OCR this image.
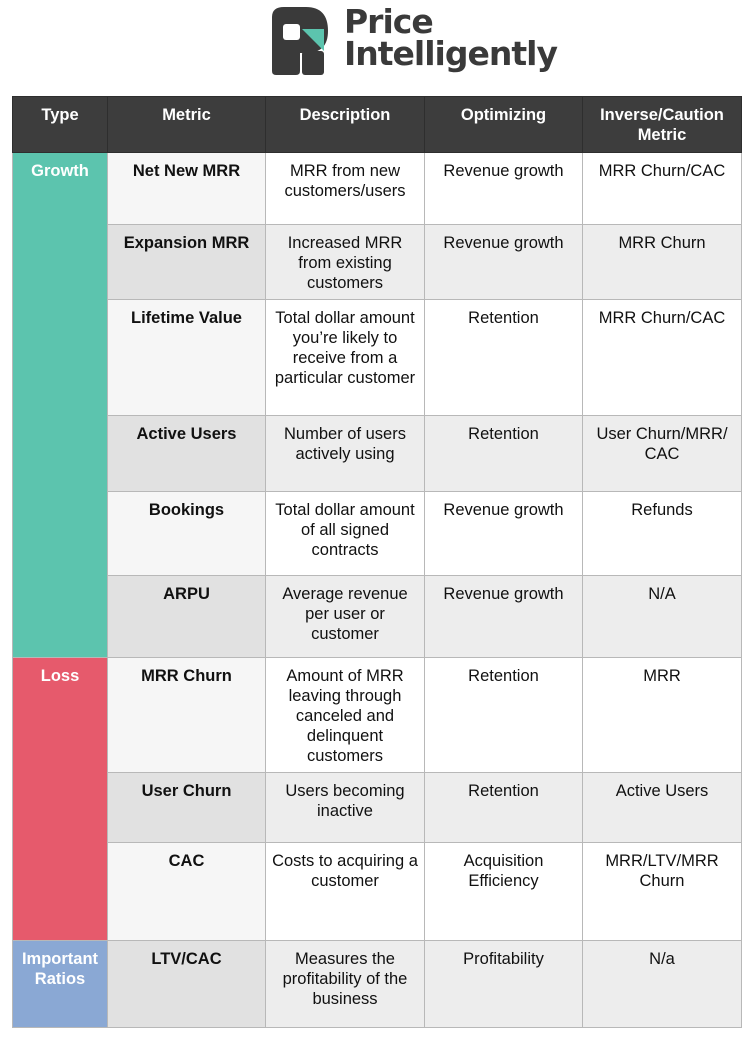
Price
Intelligently
Type	Metric	Description	Optimizing	Inverse/Caution Metric
Growth	Net New MRR	MRR from new customers/users	Revenue growth	MRR Churn/CAC
	Expansion MRR	Increased MRR from existing customers	Revenue growth	MRR Churn
	Lifetime Value	Total dollar amount you’re likely to receive from a particular customer	Retention	MRR Churn/CAC
	Active Users	Number of users actively using	Retention	User Churn/MRR/ CAC
	Bookings	Total dollar amount of all signed contracts	Revenue growth	Refunds
	ARPU	Average revenue per user or customer	Revenue growth	N/A
Loss	MRR Churn	Amount of MRR leaving through canceled and delinquent customers	Retention	MRR
	User Churn	Users becoming inactive	Retention	Active Users
	CAC	Costs to acquiring a customer	Acquisition Efficiency	MRR/LTV/MRR Churn
Important Ratios	LTV/CAC	Measures the profitability of the business	Profitability	N/a
